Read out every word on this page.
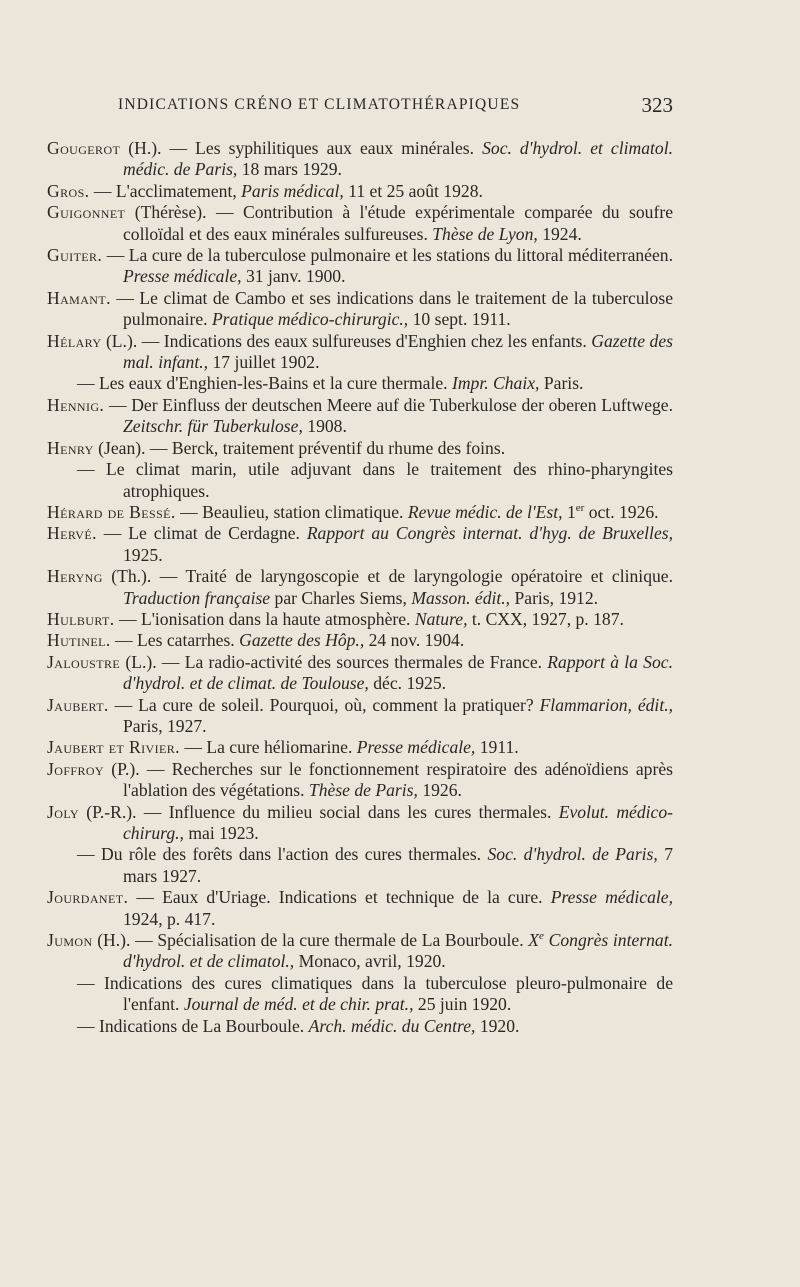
INDICATIONS CRÉNO ET CLIMATOTHÉRAPIQUES	323
Gougerot (H.). — Les syphilitiques aux eaux minérales. Soc. d'hydrol. et climatol. médic. de Paris, 18 mars 1929.
Gros. — L'acclimatement, Paris médical, 11 et 25 août 1928.
Guigonnet (Thérèse). — Contribution à l'étude expérimentale comparée du soufre colloïdal et des eaux minérales sulfureuses. Thèse de Lyon, 1924.
Guiter. — La cure de la tuberculose pulmonaire et les stations du littoral méditerranéen. Presse médicale, 31 janv. 1900.
Hamant. — Le climat de Cambo et ses indications dans le traitement de la tuberculose pulmonaire. Pratique médico-chirurgic., 10 sept. 1911.
Hélary (L.). — Indications des eaux sulfureuses d'Enghien chez les enfants. Gazette des mal. infant., 17 juillet 1902.
— Les eaux d'Enghien-les-Bains et la cure thermale. Impr. Chaix, Paris.
Hennig. — Der Einfluss der deutschen Meere auf die Tuberkulose der oberen Luftwege. Zeitschr. für Tuberkulose, 1908.
Henry (Jean). — Berck, traitement préventif du rhume des foins.
— Le climat marin, utile adjuvant dans le traitement des rhino-pharyngites atrophiques.
Hérard de Bessé. — Beaulieu, station climatique. Revue médic. de l'Est, 1er oct. 1926.
Hervé. — Le climat de Cerdagne. Rapport au Congrès internat. d'hyg. de Bruxelles, 1925.
Heryng (Th.). — Traité de laryngoscopie et de laryngologie opératoire et clinique. Traduction française par Charles Siems, Masson. édit., Paris, 1912.
Hulburt. — L'ionisation dans la haute atmosphère. Nature, t. CXX, 1927, p. 187.
Hutinel. — Les catarrhes. Gazette des Hôp., 24 nov. 1904.
Jaloustre (L.). — La radio-activité des sources thermales de France. Rapport à la Soc. d'hydrol. et de climat. de Toulouse, déc. 1925.
Jaubert. — La cure de soleil. Pourquoi, où, comment la pratiquer? Flammarion, édit., Paris, 1927.
Jaubert et Rivier. — La cure héliomarine. Presse médicale, 1911.
Joffroy (P.). — Recherches sur le fonctionnement respiratoire des adénoïdiens après l'ablation des végétations. Thèse de Paris, 1926.
Joly (P.-R.). — Influence du milieu social dans les cures thermales. Evolut. médico-chirurg., mai 1923.
— Du rôle des forêts dans l'action des cures thermales. Soc. d'hydrol. de Paris, 7 mars 1927.
Jourdanet. — Eaux d'Uriage. Indications et technique de la cure. Presse médicale, 1924, p. 417.
Jumon (H.). — Spécialisation de la cure thermale de La Bourboule. Xe Congrès internat. d'hydrol. et de climatol., Monaco, avril, 1920.
— Indications des cures climatiques dans la tuberculose pleuro-pulmonaire de l'enfant. Journal de méd. et de chir. prat., 25 juin 1920.
— Indications de La Bourboule. Arch. médic. du Centre, 1920.
